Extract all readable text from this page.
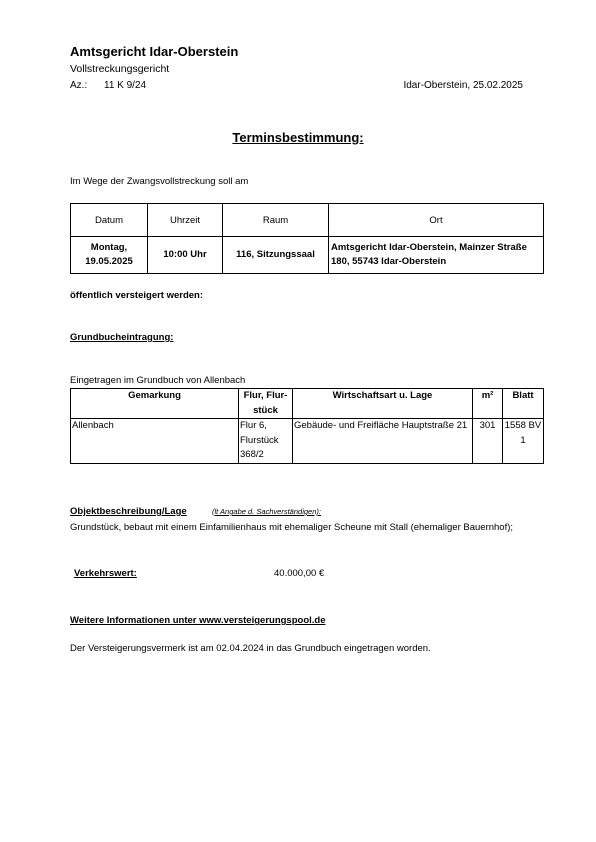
Amtsgericht Idar-Oberstein
Vollstreckungsgericht
Az.: 11 K 9/24	Idar-Oberstein, 25.02.2025
Terminsbestimmung:
Im Wege der Zwangsvollstreckung soll am
Datum	Uhrzeit	Raum	Ort
Montag, 19.05.2025	10:00 Uhr	116, Sitzungssaal	Amtsgericht Idar-Oberstein, Mainzer Straße 180, 55743 Idar-Oberstein
öffentlich versteigert werden:
Grundbucheintragung:
Eingetragen im Grundbuch von Allenbach
Gemarkung	Flur, Flur-stück	Wirtschaftsart u. Lage	m²	Blatt
Allenbach	Flur 6, Flurstück 368/2	Gebäude- und Freifläche Hauptstraße 21	301	1558 BV 1
Objektbeschreibung/Lage	(lt Angabe d. Sachverständigen):
Grundstück, bebaut mit einem Einfamilienhaus mit ehemaliger Scheune mit Stall (ehemaliger Bauernhof);
Verkehrswert:	40.000,00 €
Weitere Informationen unter www.versteigerungspool.de
Der Versteigerungsvermerk ist am 02.04.2024 in das Grundbuch eingetragen worden.
